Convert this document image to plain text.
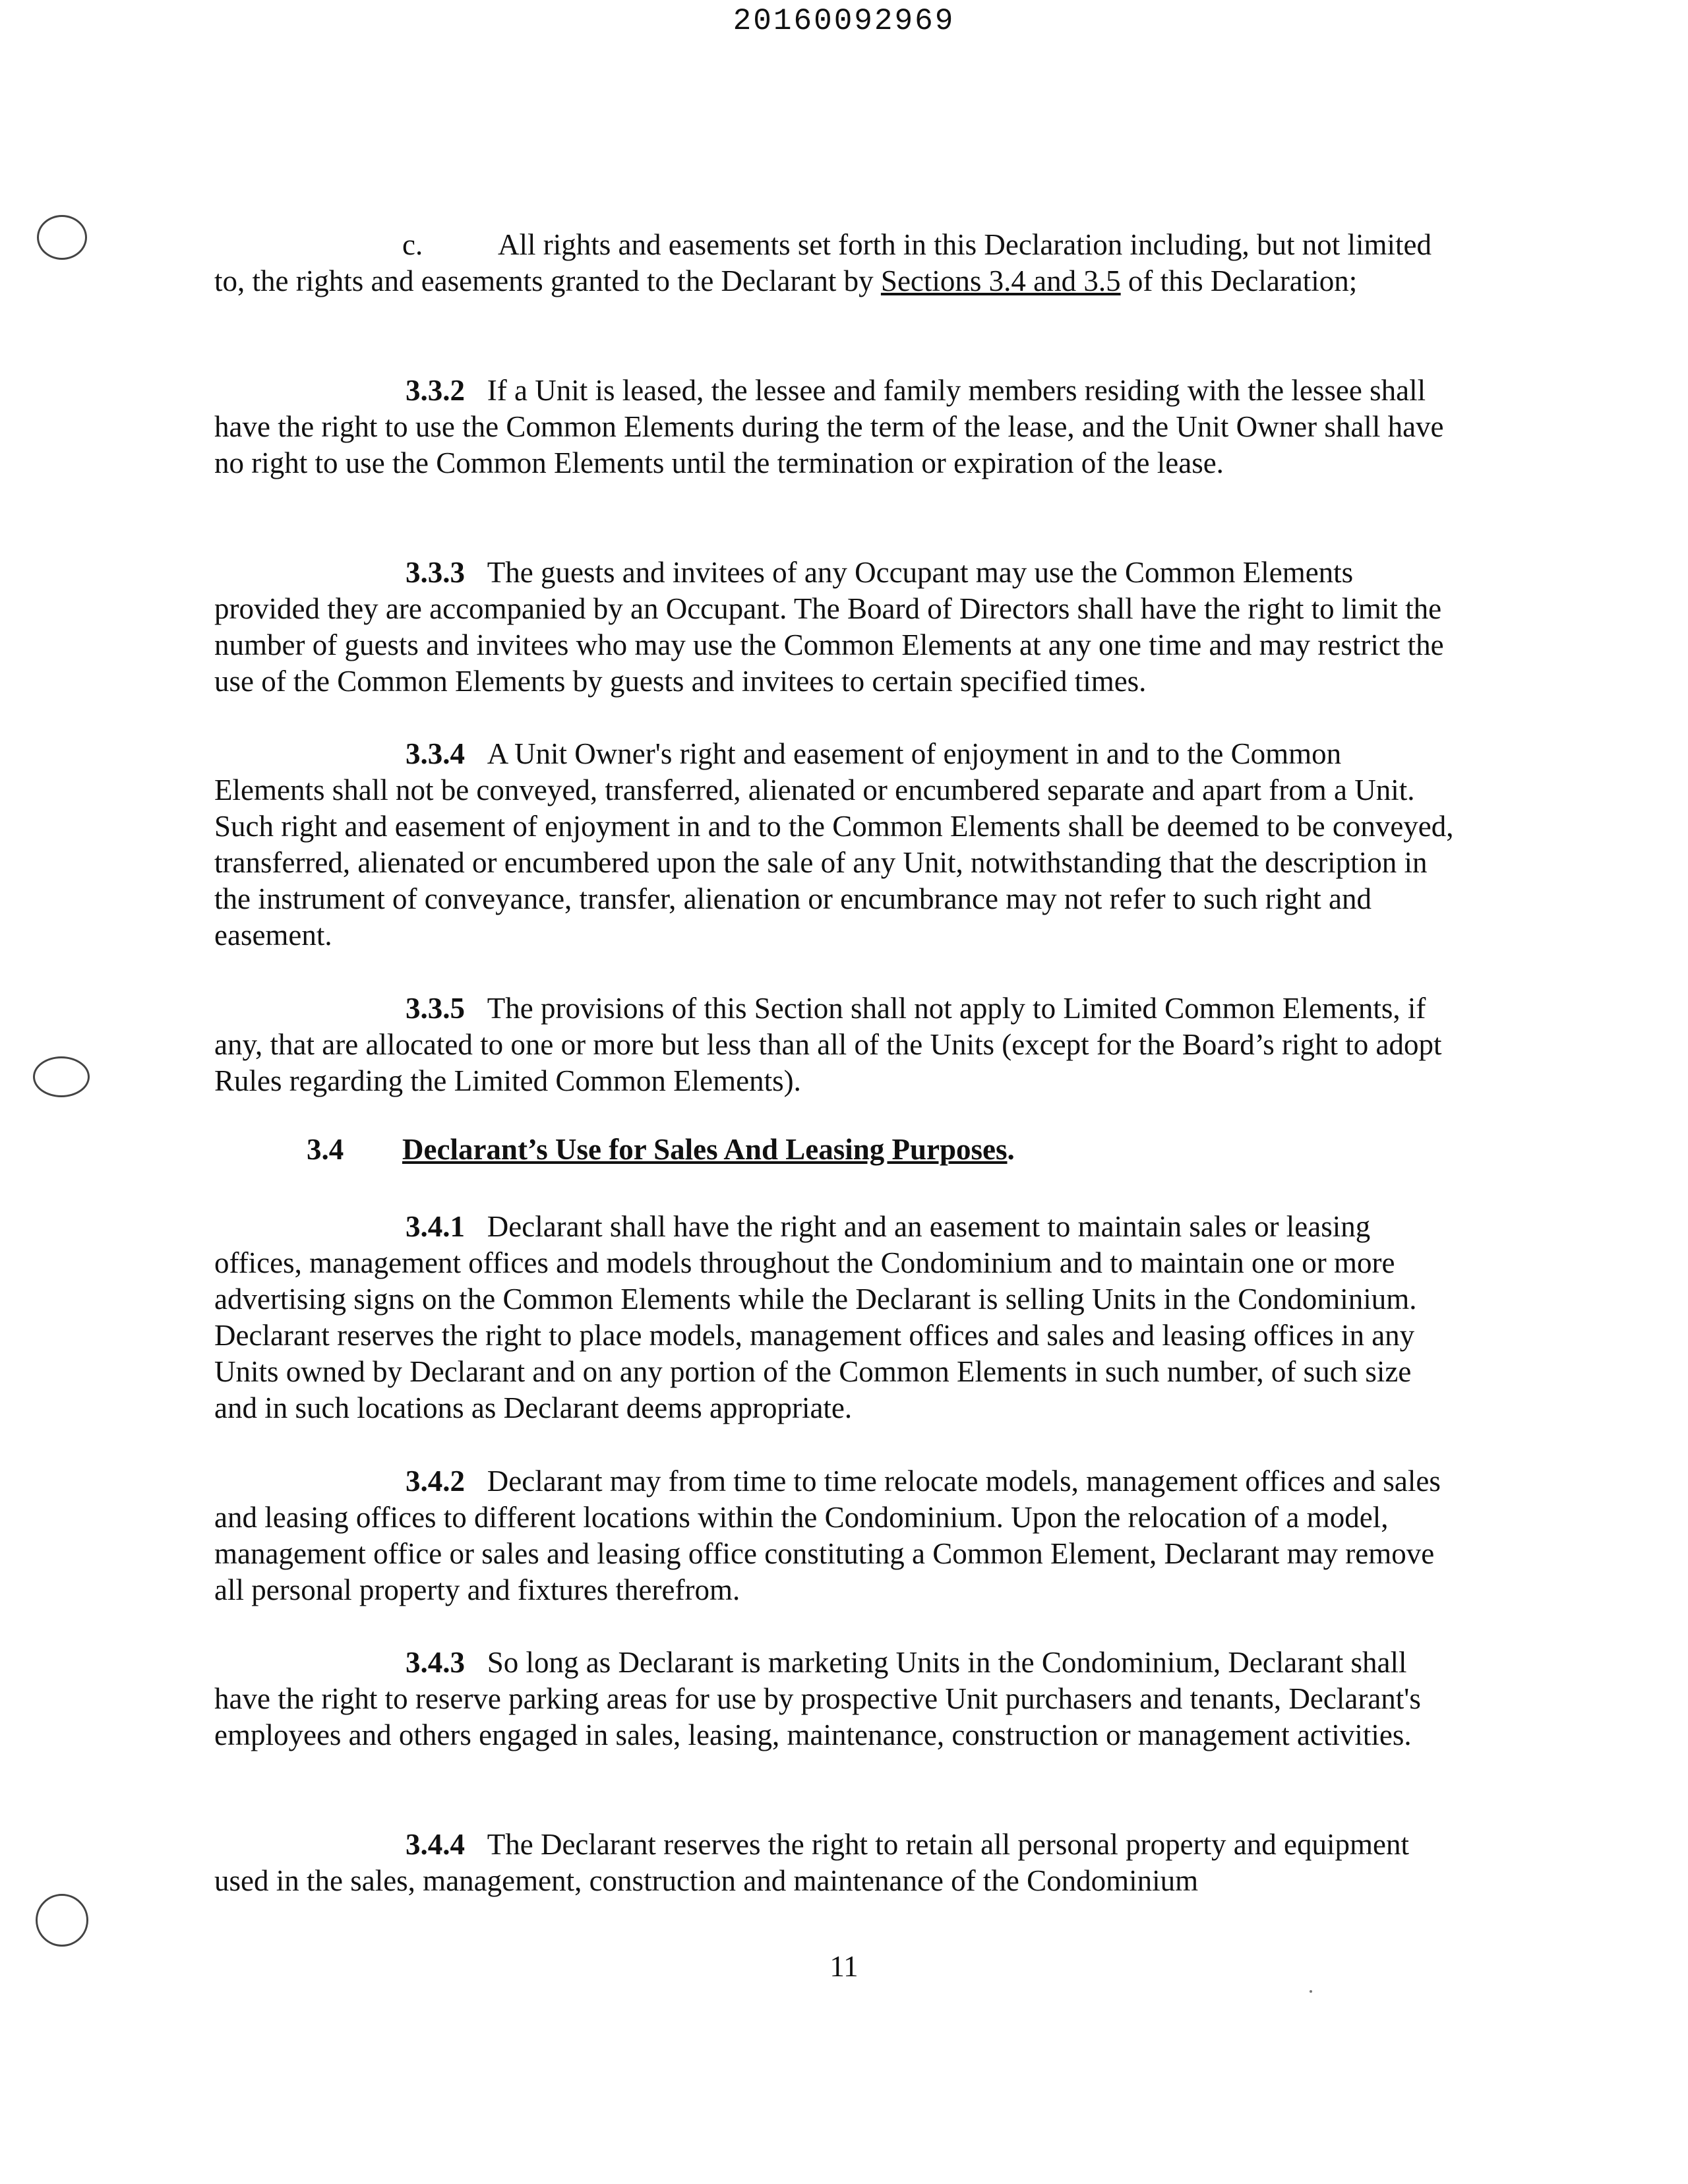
20160092969

c.	All rights and easements set forth in this Declaration including, but not limited to, the rights and easements granted to the Declarant by Sections 3.4 and 3.5 of this Declaration;

3.3.2 If a Unit is leased, the lessee and family members residing with the lessee shall have the right to use the Common Elements during the term of the lease, and the Unit Owner shall have no right to use the Common Elements until the termination or expiration of the lease.

3.3.3 The guests and invitees of any Occupant may use the Common Elements provided they are accompanied by an Occupant. The Board of Directors shall have the right to limit the number of guests and invitees who may use the Common Elements at any one time and may restrict the use of the Common Elements by guests and invitees to certain specified times.

3.3.4 A Unit Owner's right and easement of enjoyment in and to the Common Elements shall not be conveyed, transferred, alienated or encumbered separate and apart from a Unit. Such right and easement of enjoyment in and to the Common Elements shall be deemed to be conveyed, transferred, alienated or encumbered upon the sale of any Unit, notwithstanding that the description in the instrument of conveyance, transfer, alienation or encumbrance may not refer to such right and easement.

3.3.5 The provisions of this Section shall not apply to Limited Common Elements, if any, that are allocated to one or more but less than all of the Units (except for the Board’s right to adopt Rules regarding the Limited Common Elements).

3.4 Declarant’s Use for Sales And Leasing Purposes.

3.4.1 Declarant shall have the right and an easement to maintain sales or leasing offices, management offices and models throughout the Condominium and to maintain one or more advertising signs on the Common Elements while the Declarant is selling Units in the Condominium. Declarant reserves the right to place models, management offices and sales and leasing offices in any Units owned by Declarant and on any portion of the Common Elements in such number, of such size and in such locations as Declarant deems appropriate.

3.4.2 Declarant may from time to time relocate models, management offices and sales and leasing offices to different locations within the Condominium. Upon the relocation of a model, management office or sales and leasing office constituting a Common Element, Declarant may remove all personal property and fixtures therefrom.

3.4.3 So long as Declarant is marketing Units in the Condominium, Declarant shall have the right to reserve parking areas for use by prospective Unit purchasers and tenants, Declarant's employees and others engaged in sales, leasing, maintenance, construction or management activities.

3.4.4 The Declarant reserves the right to retain all personal property and equipment used in the sales, management, construction and maintenance of the Condominium

11
